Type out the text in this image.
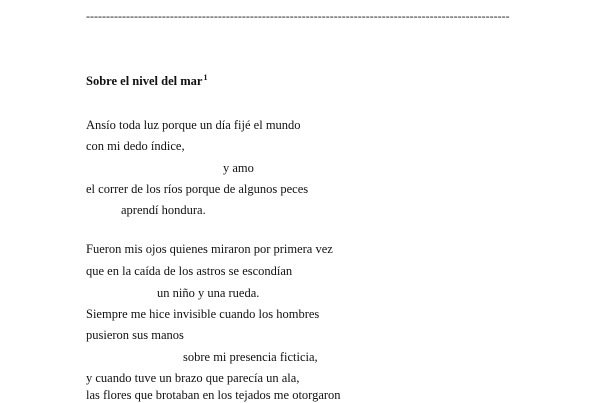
----------------------------------------------------------------------------------------------------------
Sobre el nivel del mar$^1$
Ansío toda luz porque un día fijé el mundo
con mi dedo índice,
y amo
el correr de los ríos porque de algunos peces
aprendí hondura.
Fueron mis ojos quienes miraron por primera vez
que en la caída de los astros se escondían
un niño y una rueda.
Siempre me hice invisible cuando los hombres
pusieron sus manos
sobre mi presencia ficticia,
y cuando tuve un brazo que parecía un ala,
las flores que brotaban en los tejados me otorgaron
